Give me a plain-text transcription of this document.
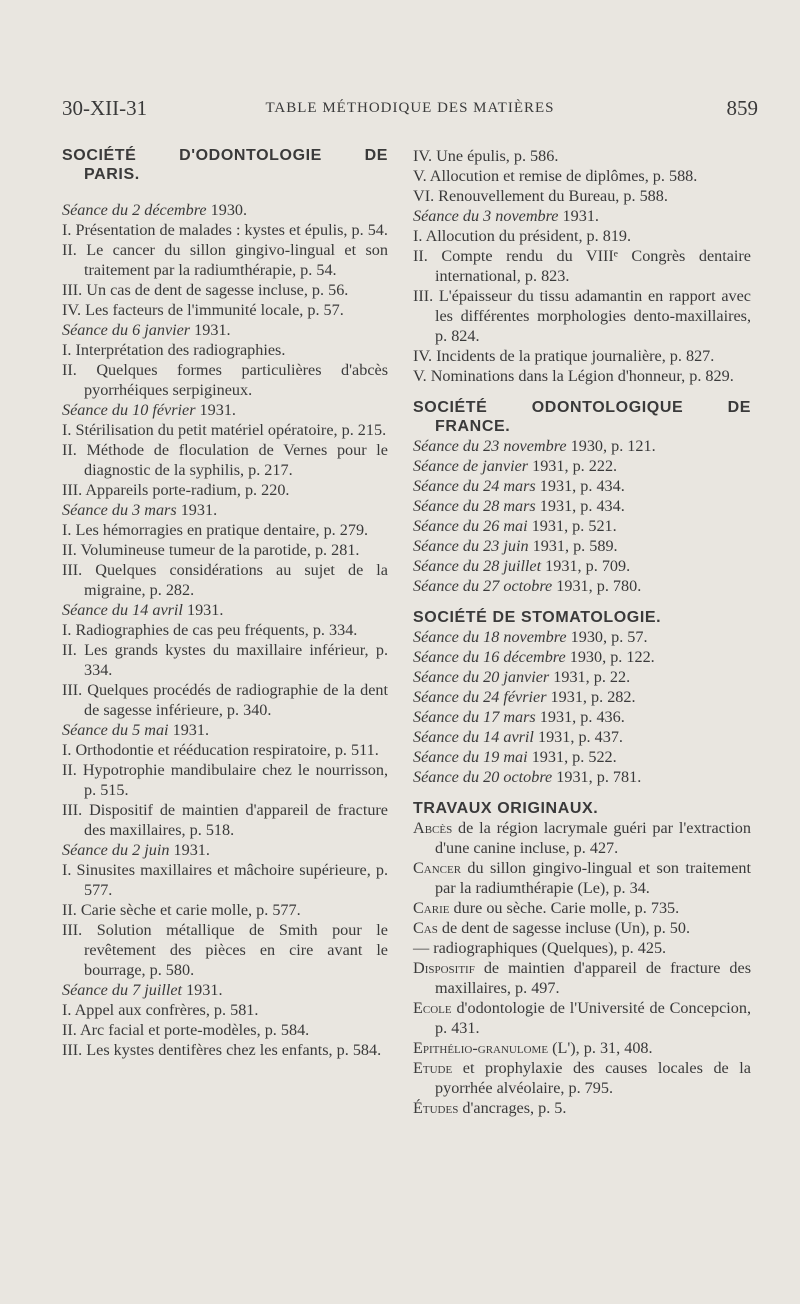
30-XII-31	TABLE MÉTHODIQUE DES MATIÈRES	859

SOCIÉTÉ D'ODONTOLOGIE DE
PARIS.

Séance du 2 décembre 1930.

I. Présentation de malades : kystes et épulis, p. 54.

II. Le cancer du sillon gingivo-lingual et son traitement par la radiumthérapie, p. 54.

III. Un cas de dent de sagesse incluse, p. 56.

IV. Les facteurs de l'immunité locale, p. 57.

Séance du 6 janvier 1931.

I. Interprétation des radiographies.

II. Quelques formes particulières d'abcès pyorrhéiques serpigineux.

Séance du 10 février 1931.

I. Stérilisation du petit matériel opératoire, p. 215.

II. Méthode de floculation de Vernes pour le diagnostic de la syphilis, p. 217.

III. Appareils porte-radium, p. 220.

Séance du 3 mars 1931.

I. Les hémorragies en pratique dentaire, p. 279.

II. Volumineuse tumeur de la parotide, p. 281.

III. Quelques considérations au sujet de la migraine, p. 282.

Séance du 14 avril 1931.

I. Radiographies de cas peu fréquents, p. 334.

II. Les grands kystes du maxillaire inférieur, p. 334.

III. Quelques procédés de radiographie de la dent de sagesse inférieure, p. 340.

Séance du 5 mai 1931.

I. Orthodontie et rééducation respiratoire, p. 511.

II. Hypotrophie mandibulaire chez le nourrisson, p. 515.

III. Dispositif de maintien d'appareil de fracture des maxillaires, p. 518.

Séance du 2 juin 1931.

I. Sinusites maxillaires et mâchoire supérieure, p. 577.

II. Carie sèche et carie molle, p. 577.

III. Solution métallique de Smith pour le revêtement des pièces en cire avant le bourrage, p. 580.

Séance du 7 juillet 1931.

I. Appel aux confrères, p. 581.

II. Arc facial et porte-modèles, p. 584.

III. Les kystes dentifères chez les enfants, p. 584.

IV. Une épulis, p. 586.

V. Allocution et remise de diplômes, p. 588.

VI. Renouvellement du Bureau, p. 588.

Séance du 3 novembre 1931.

I. Allocution du président, p. 819.

II. Compte rendu du VIIIᵉ Congrès dentaire international, p. 823.

III. L'épaisseur du tissu adamantin en rapport avec les différentes morphologies dento-maxillaires, p. 824.

IV. Incidents de la pratique journalière, p. 827.

V. Nominations dans la Légion d'honneur, p. 829.

SOCIÉTÉ ODONTOLOGIQUE DE
FRANCE.

Séance du 23 novembre 1930, p. 121.

Séance de janvier 1931, p. 222.

Séance du 24 mars 1931, p. 434.

Séance du 28 mars 1931, p. 434.

Séance du 26 mai 1931, p. 521.

Séance du 23 juin 1931, p. 589.

Séance du 28 juillet 1931, p. 709.

Séance du 27 octobre 1931, p. 780.

SOCIÉTÉ DE STOMATOLOGIE.

Séance du 18 novembre 1930, p. 57.

Séance du 16 décembre 1930, p. 122.

Séance du 20 janvier 1931, p. 22.

Séance du 24 février 1931, p. 282.

Séance du 17 mars 1931, p. 436.

Séance du 14 avril 1931, p. 437.

Séance du 19 mai 1931, p. 522.

Séance du 20 octobre 1931, p. 781.

TRAVAUX ORIGINAUX.

Abcès de la région lacrymale guéri par l'extraction d'une canine incluse, p. 427.

Cancer du sillon gingivo-lingual et son traitement par la radiumthérapie (Le), p. 34.

Carie dure ou sèche. Carie molle, p. 735.

Cas de dent de sagesse incluse (Un), p. 50.

— radiographiques (Quelques), p. 425.

Dispositif de maintien d'appareil de fracture des maxillaires, p. 497.

Ecole d'odontologie de l'Université de Concepcion, p. 431.

Epithélio-granulome (L'), p. 31, 408.

Etude et prophylaxie des causes locales de la pyorrhée alvéolaire, p. 795.

Études d'ancrages, p. 5.
